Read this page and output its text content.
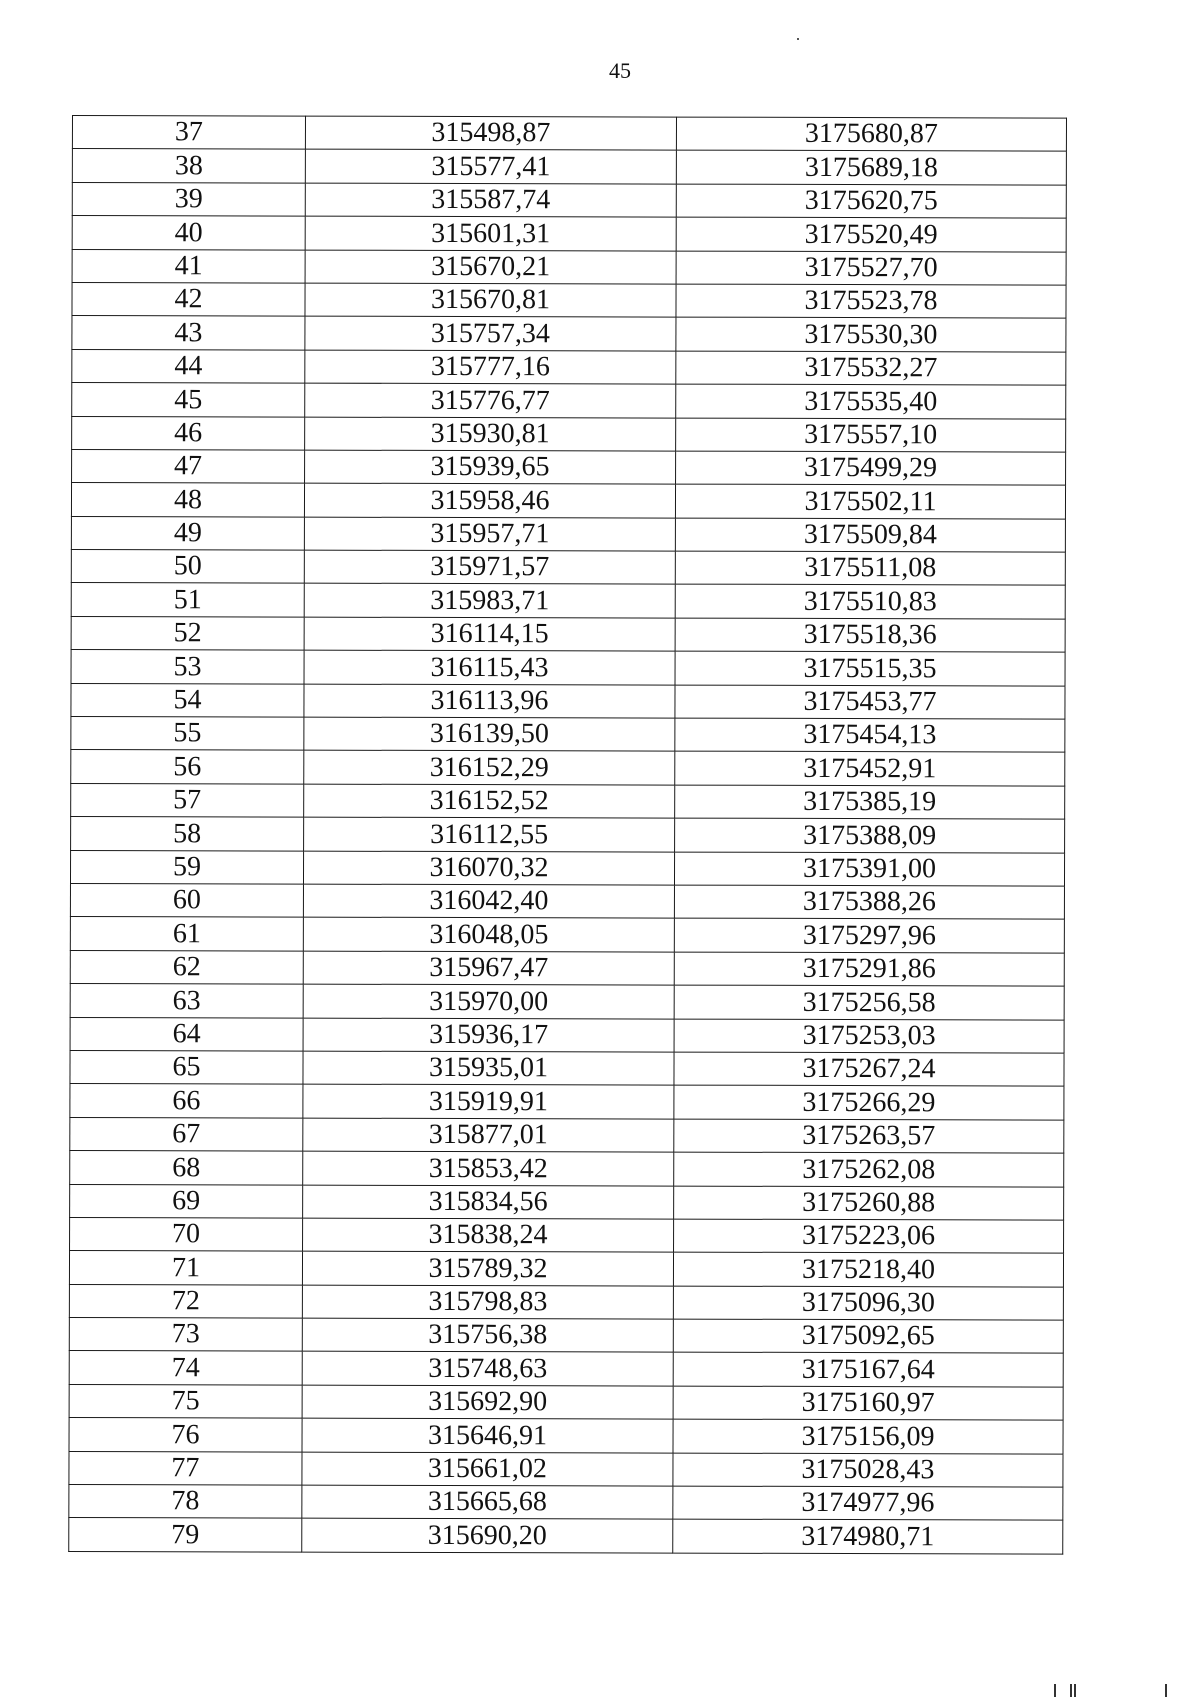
45
37	315498,87	3175680,87
38	315577,41	3175689,18
39	315587,74	3175620,75
40	315601,31	3175520,49
41	315670,21	3175527,70
42	315670,81	3175523,78
43	315757,34	3175530,30
44	315777,16	3175532,27
45	315776,77	3175535,40
46	315930,81	3175557,10
47	315939,65	3175499,29
48	315958,46	3175502,11
49	315957,71	3175509,84
50	315971,57	3175511,08
51	315983,71	3175510,83
52	316114,15	3175518,36
53	316115,43	3175515,35
54	316113,96	3175453,77
55	316139,50	3175454,13
56	316152,29	3175452,91
57	316152,52	3175385,19
58	316112,55	3175388,09
59	316070,32	3175391,00
60	316042,40	3175388,26
61	316048,05	3175297,96
62	315967,47	3175291,86
63	315970,00	3175256,58
64	315936,17	3175253,03
65	315935,01	3175267,24
66	315919,91	3175266,29
67	315877,01	3175263,57
68	315853,42	3175262,08
69	315834,56	3175260,88
70	315838,24	3175223,06
71	315789,32	3175218,40
72	315798,83	3175096,30
73	315756,38	3175092,65
74	315748,63	3175167,64
75	315692,90	3175160,97
76	315646,91	3175156,09
77	315661,02	3175028,43
78	315665,68	3174977,96
79	315690,20	3174980,71
